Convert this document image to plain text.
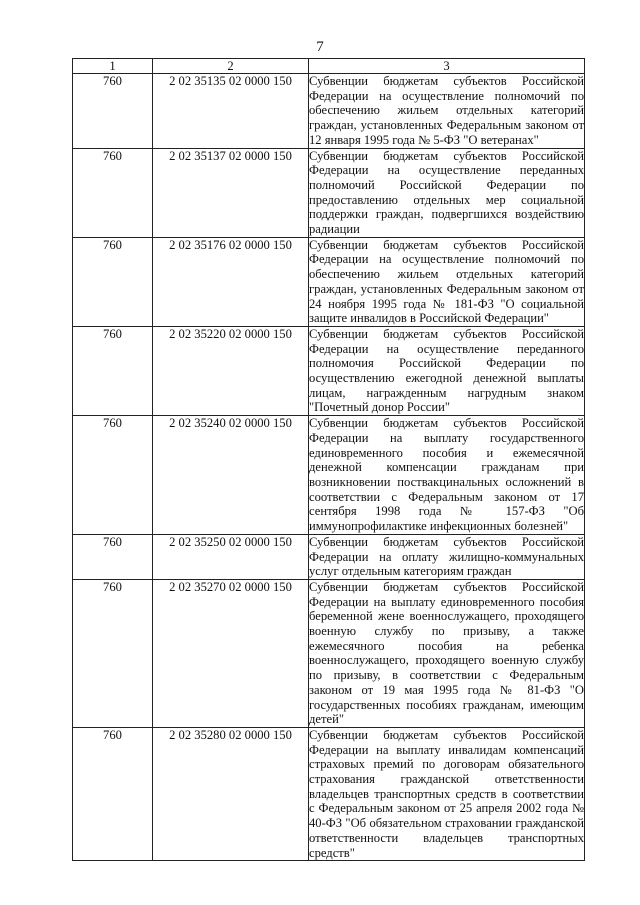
7
1	2	3
760	2 02 35135 02 0000 150	Субвенции бюджетам субъектов Российской Федерации на осуществление полномочий по обеспечению жильем отдельных категорий граждан, установленных Федеральным законом от 12 января 1995 года № 5-ФЗ "О ветеранах"
760	2 02 35137 02 0000 150	Субвенции бюджетам субъектов Российской Федерации на осуществление переданных полномочий Российской Федерации по предоставлению отдельных мер социальной поддержки граждан, подвергшихся воздействию радиации
760	2 02 35176 02 0000 150	Субвенции бюджетам субъектов Российской Федерации на осуществление полномочий по обеспечению жильем отдельных категорий граждан, установленных Федеральным законом от 24 ноября 1995 года № 181-ФЗ "О социальной защите инвалидов в Российской Федерации"
760	2 02 35220 02 0000 150	Субвенции бюджетам субъектов Российской Федерации на осуществление переданного полномочия Российской Федерации по осуществлению ежегодной денежной выплаты лицам, награжденным нагрудным знаком "Почетный донор России"
760	2 02 35240 02 0000 150	Субвенции бюджетам субъектов Российской Федерации на выплату государственного единовременного пособия и ежемесячной денежной компенсации гражданам при возникновении поствакцинальных осложнений в соответствии с Федеральным законом от 17 сентября 1998 года № 157-ФЗ "Об иммунопрофилактике инфекционных болезней"
760	2 02 35250 02 0000 150	Субвенции бюджетам субъектов Российской Федерации на оплату жилищно-коммунальных услуг отдельным категориям граждан
760	2 02 35270 02 0000 150	Субвенции бюджетам субъектов Российской Федерации на выплату единовременного пособия беременной жене военнослужащего, проходящего военную службу по призыву, а также ежемесячного пособия на ребенка военнослужащего, проходящего военную службу по призыву, в соответствии с Федеральным законом от 19 мая 1995 года № 81-ФЗ "О государственных пособиях гражданам, имеющим детей"
760	2 02 35280 02 0000 150	Субвенции бюджетам субъектов Российской Федерации на выплату инвалидам компенсаций страховых премий по договорам обязательного страхования гражданской ответственности владельцев транспортных средств в соответствии с Федеральным законом от 25 апреля 2002 года № 40-ФЗ "Об обязательном страховании гражданской ответственности владельцев транспортных средств"
